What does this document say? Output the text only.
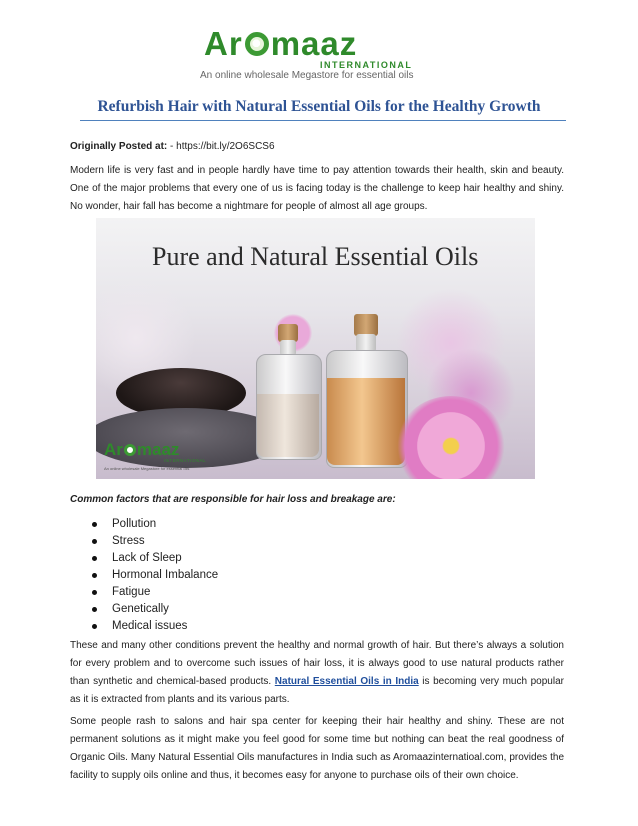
Ar maaz
INTERNATIONAL
An online wholesale Megastore for essential oils
Refurbish Hair with Natural Essential Oils for the Healthy Growth
Originally Posted at: - https://bit.ly/2O6SCS6
Modern life is very fast and in people hardly have time to pay attention towards their health, skin and beauty. One of the major problems that every one of us is facing today is the challenge to keep hair healthy and shiny. No wonder, hair fall has become a nightmare for people of almost all age groups.
Pure and Natural Essential Oils
Ar maaz
INTERNATIONAL
An online wholesale Megastore for essential oils
Common factors that are responsible for hair loss and breakage are:
Pollution
Stress
Lack of Sleep
Hormonal Imbalance
Fatigue
Genetically
Medical issues
These and many other conditions prevent the healthy and normal growth of hair. But there’s always a solution for every problem and to overcome such issues of hair loss, it is always good to use natural products rather than synthetic and chemical-based products. Natural Essential Oils in India is becoming very much popular as it is extracted from plants and its various parts.
Some people rash to salons and hair spa center for keeping their hair healthy and shiny. These are not permanent solutions as it might make you feel good for some time but nothing can beat the real goodness of Organic Oils. Many Natural Essential Oils manufactures in India such as Aromaazinternatioal.com, provides the facility to supply oils online and thus, it becomes easy for anyone to purchase oils of their own choice.
